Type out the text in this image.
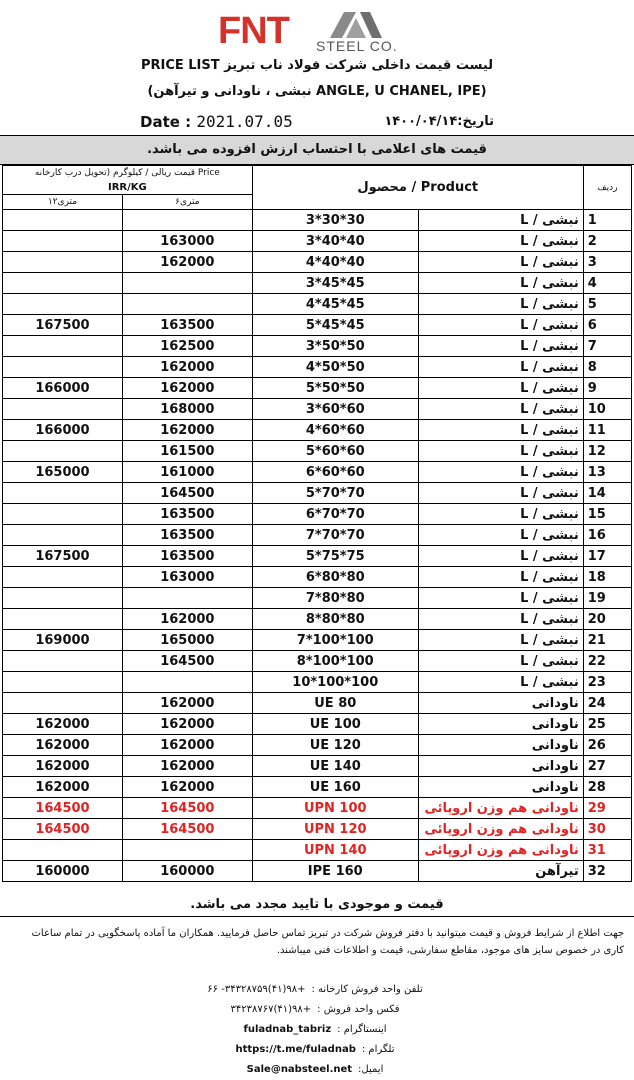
FNT STEEL CO.
لیست قیمت داخلی شرکت فولاد ناب تبریز PRICE LIST
(نبشی ، ناودانی و تیرآهن ANGLE, U CHANEL, IPE)
Date : 2021.07.05	تاریخ:۱۴۰۰/۰۴/۱۴
قیمت های اعلامی با احتساب ارزش افزوده می باشد.
قیمت ریالی / کیلوگرم (تحویل درب کارخانه Price		محصول / Product		ردیف
IRR/KG				
۱۲متری	۶متری			
		3*30*30	نبشی / L	1
	163000	3*40*40	نبشی / L	2
	162000	4*40*40	نبشی / L	3
		3*45*45	نبشی / L	4
		4*45*45	نبشی / L	5
167500	163500	5*45*45	نبشی / L	6
	162500	3*50*50	نبشی / L	7
	162000	4*50*50	نبشی / L	8
166000	162000	5*50*50	نبشی / L	9
	168000	3*60*60	نبشی / L	10
166000	162000	4*60*60	نبشی / L	11
	161500	5*60*60	نبشی / L	12
165000	161000	6*60*60	نبشی / L	13
	164500	5*70*70	نبشی / L	14
	163500	6*70*70	نبشی / L	15
	163500	7*70*70	نبشی / L	16
167500	163500	5*75*75	نبشی / L	17
	163000	6*80*80	نبشی / L	18
		7*80*80	نبشی / L	19
	162000	8*80*80	نبشی / L	20
169000	165000	7*100*100	نبشی / L	21
	164500	8*100*100	نبشی / L	22
		10*100*100	نبشی / L	23
	162000	UE 80	ناودانی	24
162000	162000	UE 100	ناودانی	25
162000	162000	UE 120	ناودانی	26
162000	162000	UE 140	ناودانی	27
162000	162000	UE 160	ناودانی	28
164500	164500	UPN 100	ناودانی هم وزن اروپائی	29
164500	164500	UPN 120	ناودانی هم وزن اروپائی	30
		UPN 140	ناودانی هم وزن اروپائی	31
160000	160000	IPE 160	تیرآهن	32
قیمت و موجودی با تایید مجدد می باشد.
جهت اطلاع از شرایط فروش و قیمت میتوانید با دفتر فروش شرکت در تبریز تماس حاصل فرمایید. همکاران ما آماده پاسخگویی در تمام ساعات کاری در خصوص سایز های موجود، مقاطع سفارشی، قیمت و اطلاعات فنی میباشند.
تلفن واحد فروش کارخانه :
+۹۸(۴۱)۳۴۳۲۸۷۵۹- ۶۶
فکس واحد فروش :
+۹۸(۴۱)۳۴۲۳۸۷۶۷
اینستاگرام :
fuladnab_tabriz
تلگرام :
https://t.me/fuladnab
ایمیل:
Sale@nabsteel.net
